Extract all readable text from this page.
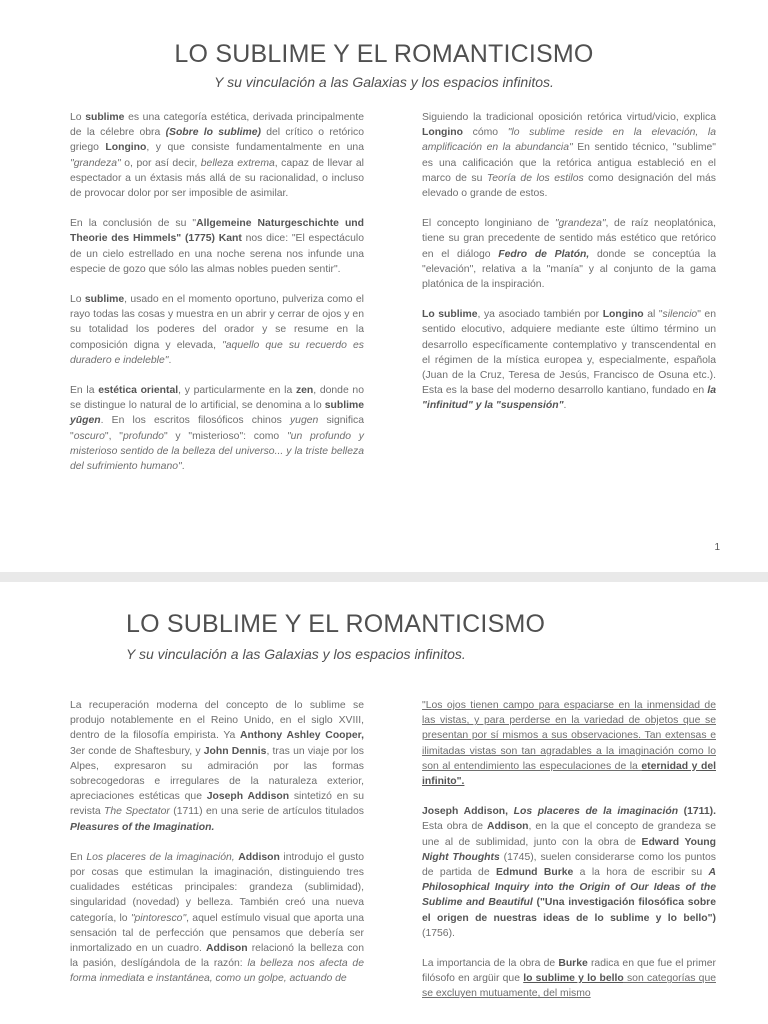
LO SUBLIME Y EL ROMANTICISMO
Y su vinculación a las Galaxias y los espacios infinitos.

Lo sublime es una categoría estética, derivada principalmente de la célebre obra (Sobre lo sublime) del crítico o retórico griego Longino, y que consiste fundamentalmente en una "grandeza" o, por así decir, belleza extrema, capaz de llevar al espectador a un éxtasis más allá de su racionalidad, o incluso de provocar dolor por ser imposible de asimilar.

En la conclusión de su "Allgemeine Naturgeschichte und Theorie des Himmels" (1775) Kant nos dice: "El espectáculo de un cielo estrellado en una noche serena nos infunde una especie de gozo que sólo las almas nobles pueden sentir".

Lo sublime, usado en el momento oportuno, pulveriza como el rayo todas las cosas y muestra en un abrir y cerrar de ojos y en su totalidad los poderes del orador y se resume en la composición digna y elevada, "aquello que su recuerdo es duradero e indeleble".

En la estética oriental, y particularmente en la zen, donde no se distingue lo natural de lo artificial, se denomina a lo sublime yūgen. En los escritos filosóficos chinos yugen significa "oscuro", "profundo" y "misterioso": como "un profundo y misterioso sentido de la belleza del universo... y la triste belleza del sufrimiento humano".

Siguiendo la tradicional oposición retórica virtud/vicio, explica Longino cómo "lo sublime reside en la elevación, la amplificación en la abundancia" En sentido técnico, "sublime" es una calificación que la retórica antigua estableció en el marco de su Teoría de los estilos como designación del más elevado o grande de estos.

El concepto longiniano de "grandeza", de raíz neoplatónica, tiene su gran precedente de sentido más estético que retórico en el diálogo Fedro de Platón, donde se conceptúa la "elevación", relativa a la "manía" y al conjunto de la gama platónica de la inspiración.

Lo sublime, ya asociado también por Longino al "silencio" en sentido elocutivo, adquiere mediante este último término un desarrollo específicamente contemplativo y transcendental en el régimen de la mística europea y, especialmente, española (Juan de la Cruz, Teresa de Jesús, Francisco de Osuna etc.). Esta es la base del moderno desarrollo kantiano, fundado en la "infinitud" y la "suspensión".

1
LO SUBLIME Y EL ROMANTICISMO
Y su vinculación a las Galaxias y los espacios infinitos.

La recuperación moderna del concepto de lo sublime se produjo notablemente en el Reino Unido, en el siglo XVIII, dentro de la filosofía empirista. Ya Anthony Ashley Cooper, 3er conde de Shaftesbury, y John Dennis, tras un viaje por los Alpes, expresaron su admiración por las formas sobrecogedoras e irregulares de la naturaleza exterior, apreciaciones estéticas que Joseph Addison sintetizó en su revista The Spectator (1711) en una serie de artículos titulados Pleasures of the Imagination.

En Los placeres de la imaginación, Addison introdujo el gusto por cosas que estimulan la imaginación, distinguiendo tres cualidades estéticas principales: grandeza (sublimidad), singularidad (novedad) y belleza. También creó una nueva categoría, lo "pintoresco", aquel estímulo visual que aporta una sensación tal de perfección que pensamos que debería ser inmortalizado en un cuadro. Addison relacionó la belleza con la pasión, deslígándola de la razón: la belleza nos afecta de forma inmediata e instantánea, como un golpe, actuando de

"Los ojos tienen campo para espaciarse en la inmensidad de las vistas, y para perderse en la variedad de objetos que se presentan por sí mismos a sus observaciones. Tan extensas e ilimitadas vistas son tan agradables a la imaginación como lo son al entendimiento las especulaciones de la eternidad y del infinito".

Joseph Addison, Los placeres de la imaginación (1711). Esta obra de Addison, en la que el concepto de grandeza se une al de sublimidad, junto con la obra de Edward Young Night Thoughts (1745), suelen considerarse como los puntos de partida de Edmund Burke a la hora de escribir su A Philosophical Inquiry into the Origin of Our Ideas of the Sublime and Beautiful ("Una investigación filosófica sobre el origen de nuestras ideas de lo sublime y lo bello") (1756).

La importancia de la obra de Burke radica en que fue el primer filósofo en argüir que lo sublime y lo bello son categorías que se excluyen mutuamente, del mismo
